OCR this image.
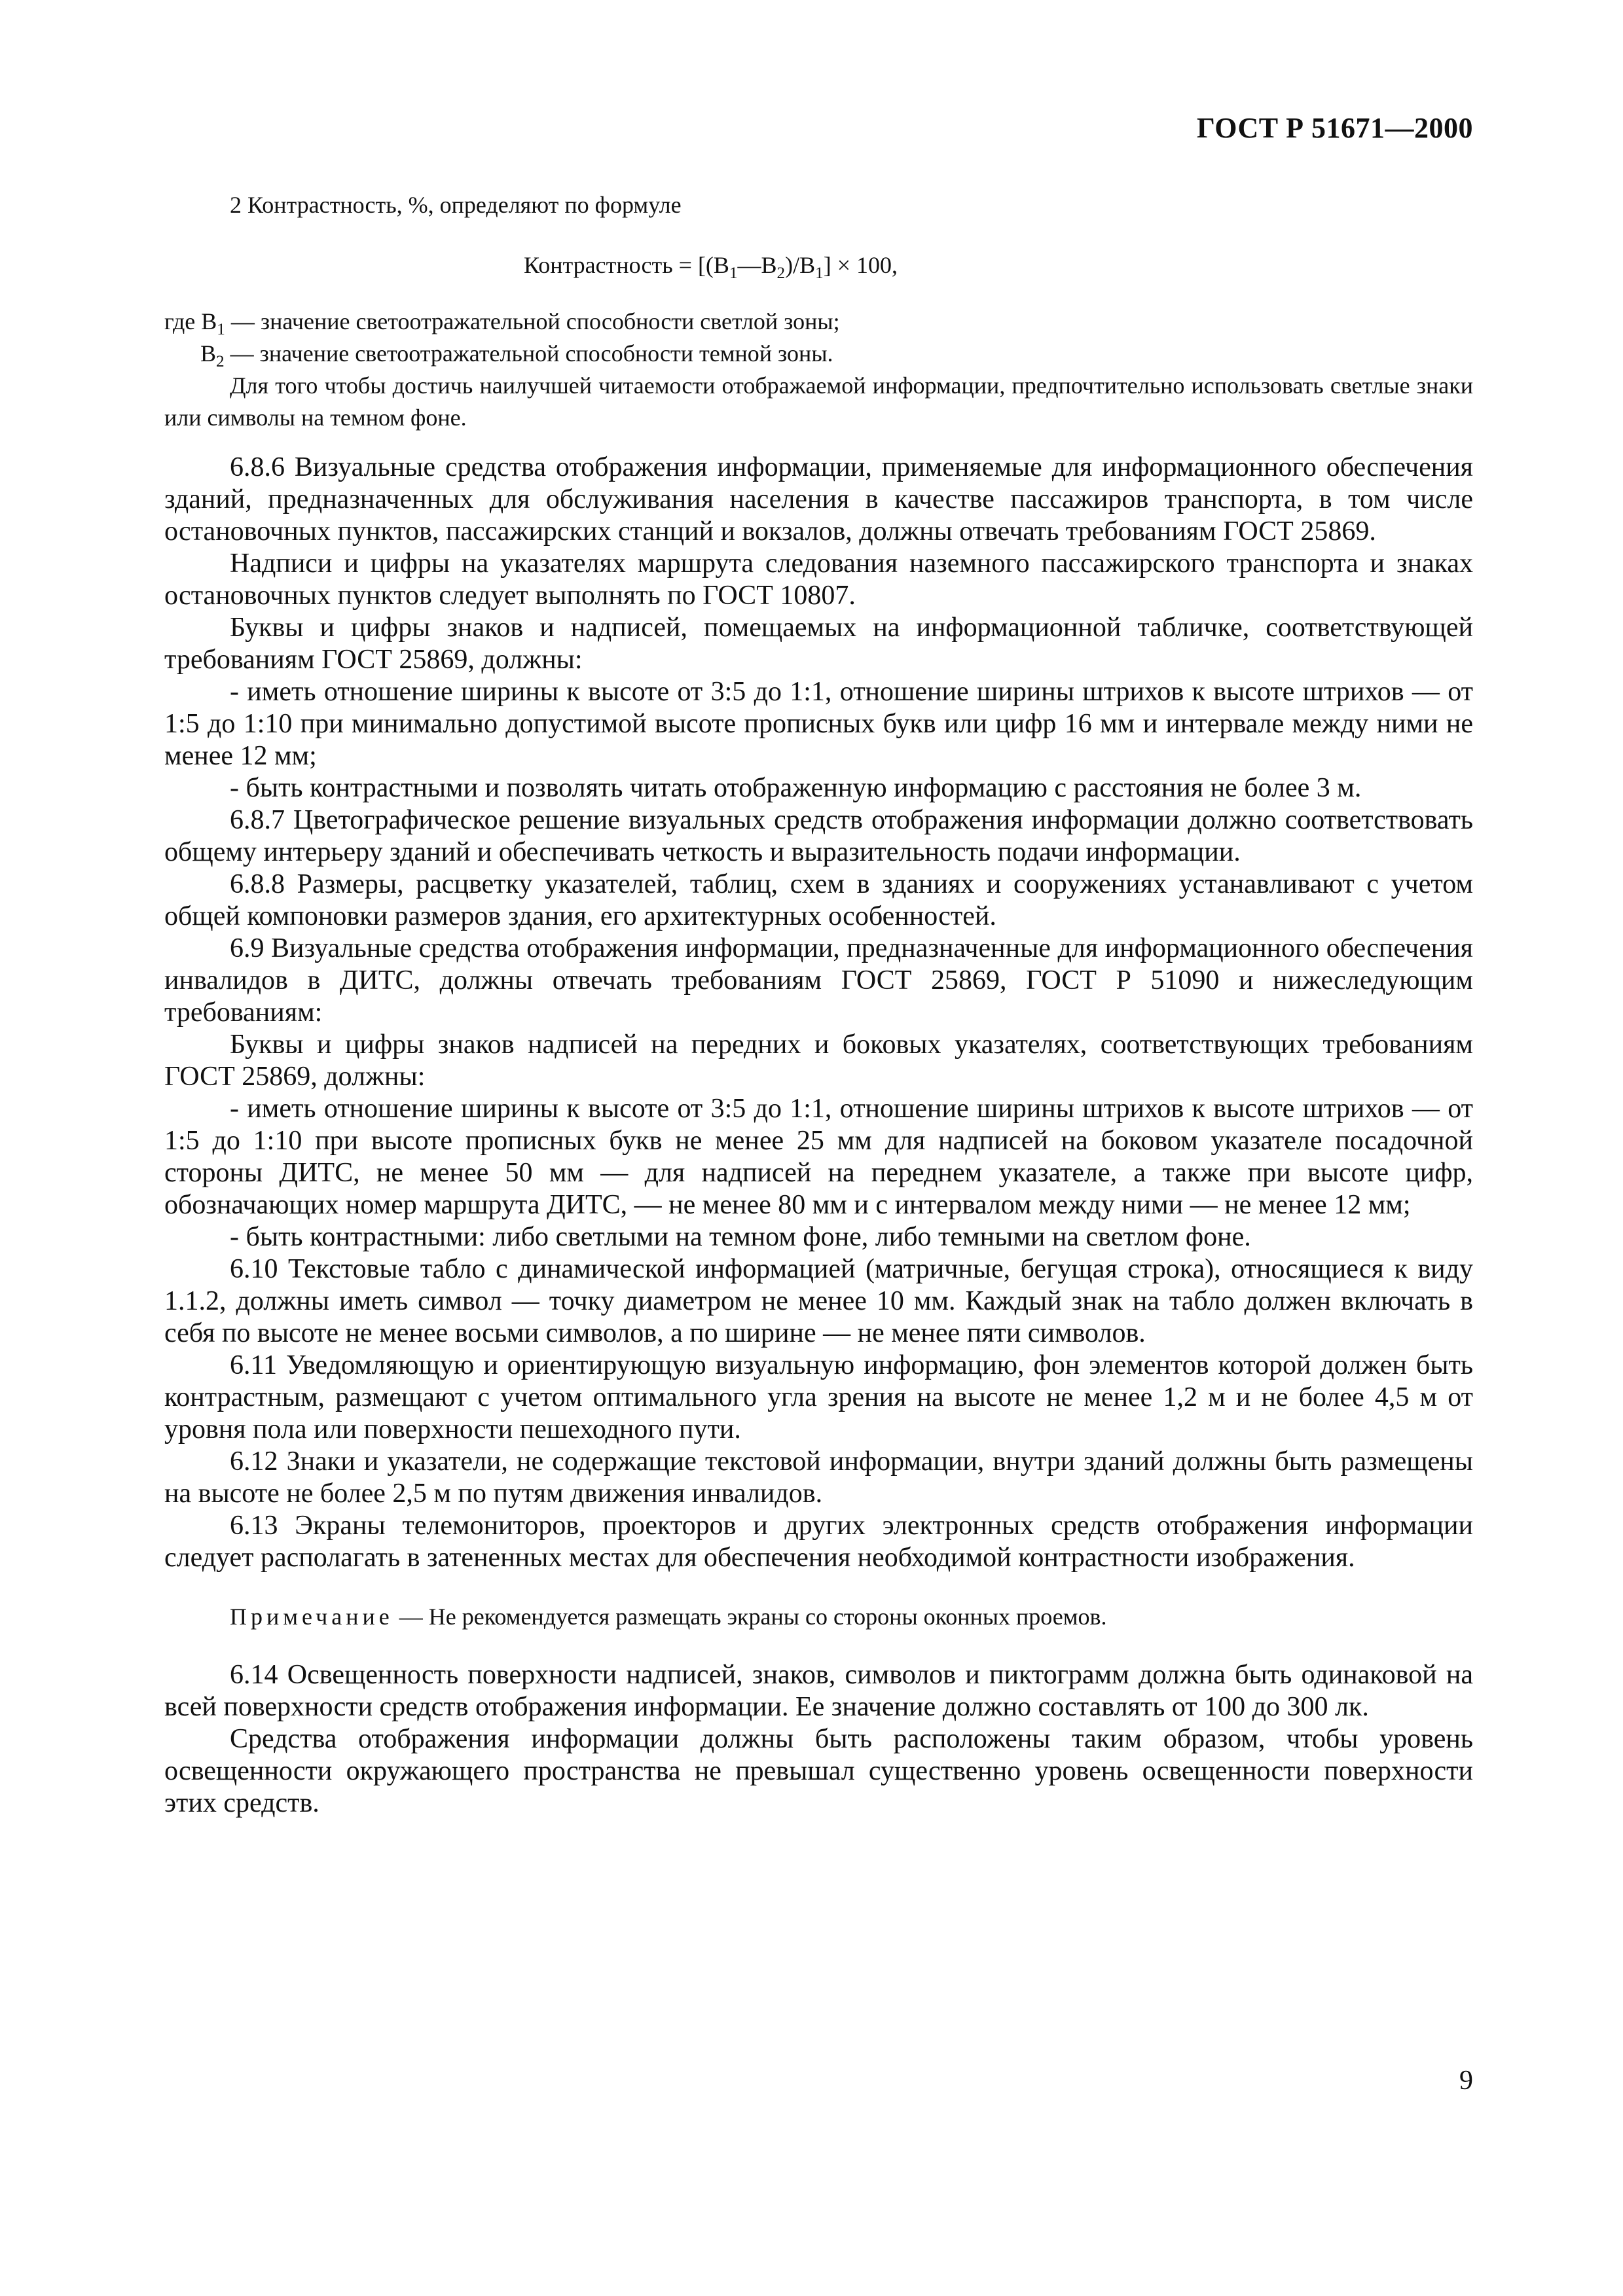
ГОСТ Р 51671—2000
2 Контрастность, %, определяют по формуле
Контрастность = $[(B_1—B_2)/B_1] \times 100$,

где $B_1$ — значение светоотражательной способности светлой зоны;

$B_2$ — значение светоотражательной способности темной зоны.

Для того чтобы достичь наилучшей читаемости отображаемой информации, предпочтительно использовать светлые знаки или символы на темном фоне.

6.8.6 Визуальные средства отображения информации, применяемые для информационного обеспечения зданий, предназначенных для обслуживания населения в качестве пассажиров транспорта, в том числе остановочных пунктов, пассажирских станций и вокзалов, должны отвечать требованиям ГОСТ 25869.

Надписи и цифры на указателях маршрута следования наземного пассажирского транспорта и знаках остановочных пунктов следует выполнять по ГОСТ 10807.

Буквы и цифры знаков и надписей, помещаемых на информационной табличке, соответствующей требованиям ГОСТ 25869, должны:

- иметь отношение ширины к высоте от 3:5 до 1:1, отношение ширины штрихов к высоте штрихов — от 1:5 до 1:10 при минимально допустимой высоте прописных букв или цифр 16 мм и интервале между ними не менее 12 мм;

- быть контрастными и позволять читать отображенную информацию с расстояния не более 3 м.

6.8.7 Цветографическое решение визуальных средств отображения информации должно соответствовать общему интерьеру зданий и обеспечивать четкость и выразительность подачи информации.

6.8.8 Размеры, расцветку указателей, таблиц, схем в зданиях и сооружениях устанавливают с учетом общей компоновки размеров здания, его архитектурных особенностей.

6.9 Визуальные средства отображения информации, предназначенные для информационного обеспечения инвалидов в ДИТС, должны отвечать требованиям ГОСТ 25869, ГОСТ Р 51090 и нижеследующим требованиям:

Буквы и цифры знаков надписей на передних и боковых указателях, соответствующих требованиям ГОСТ 25869, должны:

- иметь отношение ширины к высоте от 3:5 до 1:1, отношение ширины штрихов к высоте штрихов — от 1:5 до 1:10 при высоте прописных букв не менее 25 мм для надписей на боковом указателе посадочной стороны ДИТС, не менее 50 мм — для надписей на переднем указателе, а также при высоте цифр, обозначающих номер маршрута ДИТС, — не менее 80 мм и с интервалом между ними — не менее 12 мм;

- быть контрастными: либо светлыми на темном фоне, либо темными на светлом фоне.

6.10 Текстовые табло с динамической информацией (матричные, бегущая строка), относящиеся к виду 1.1.2, должны иметь символ — точку диаметром не менее 10 мм. Каждый знак на табло должен включать в себя по высоте не менее восьми символов, а по ширине — не менее пяти символов.

6.11 Уведомляющую и ориентирующую визуальную информацию, фон элементов которой должен быть контрастным, размещают с учетом оптимального угла зрения на высоте не менее 1,2 м и не более 4,5 м от уровня пола или поверхности пешеходного пути.

6.12 Знаки и указатели, не содержащие текстовой информации, внутри зданий должны быть размещены на высоте не более 2,5 м по путям движения инвалидов.

6.13 Экраны телемониторов, проекторов и других электронных средств отображения информации следует располагать в затененных местах для обеспечения необходимой контрастности изображения.

Примечание — Не рекомендуется размещать экраны со стороны оконных проемов.

6.14 Освещенность поверхности надписей, знаков, символов и пиктограмм должна быть одинаковой на всей поверхности средств отображения информации. Ее значение должно составлять от 100 до 300 лк.

Средства отображения информации должны быть расположены таким образом, чтобы уровень освещенности окружающего пространства не превышал существенно уровень освещенности поверхности этих средств.

9
